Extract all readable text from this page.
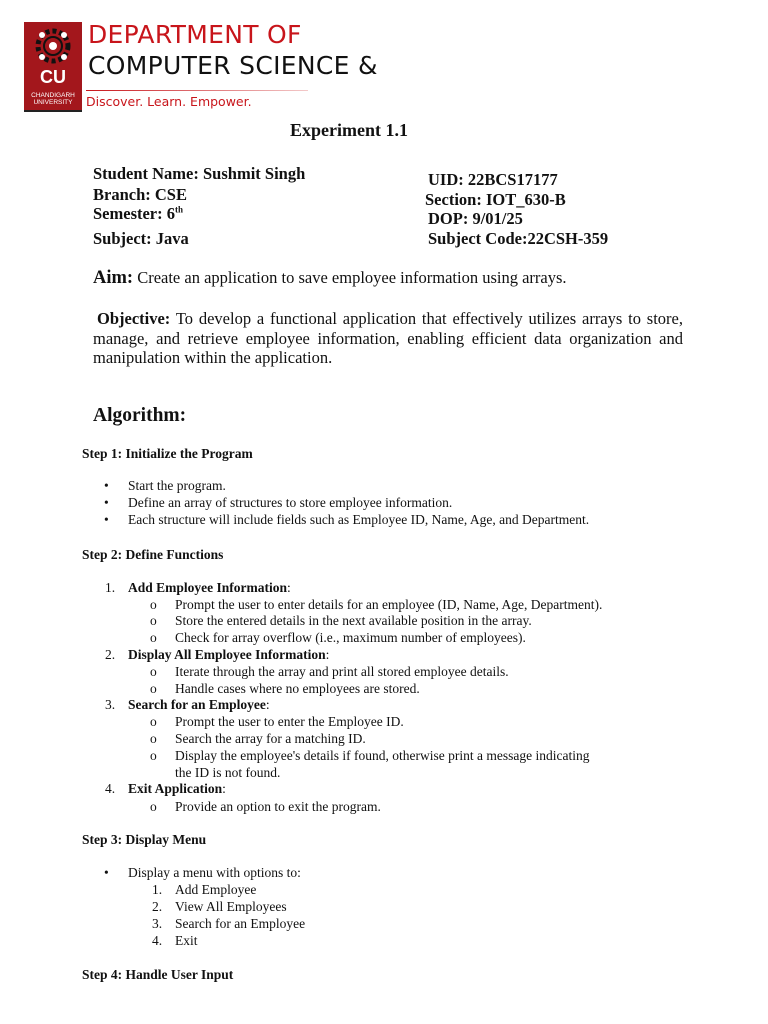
CU
CHANDIGARH UNIVERSITY
DEPARTMENT OF
COMPUTER SCIENCE &
Discover. Learn. Empower.
Experiment 1.1
Student Name: Sushmit Singh	UID: 22BCS17177
Branch: CSE	Section: IOT_630-B
Semester: 6th	DOP: 9/01/25
Subject: Java	Subject Code:22CSH-359
Aim: Create an application to save employee information using arrays.
Objective: To develop a functional application that effectively utilizes arrays to store, manage, and retrieve employee information, enabling efficient data organization and manipulation within the application.
Algorithm:
Step 1: Initialize the Program
• Start the program.
• Define an array of structures to store employee information.
• Each structure will include fields such as Employee ID, Name, Age, and Department.
Step 2: Define Functions
1. Add Employee Information:
o Prompt the user to enter details for an employee (ID, Name, Age, Department).
o Store the entered details in the next available position in the array.
o Check for array overflow (i.e., maximum number of employees).
2. Display All Employee Information:
o Iterate through the array and print all stored employee details.
o Handle cases where no employees are stored.
3. Search for an Employee:
o Prompt the user to enter the Employee ID.
o Search the array for a matching ID.
o Display the employee's details if found, otherwise print a message indicating
the ID is not found.
4. Exit Application:
o Provide an option to exit the program.
Step 3: Display Menu
• Display a menu with options to:
1. Add Employee
2. View All Employees
3. Search for an Employee
4. Exit
Step 4: Handle User Input
